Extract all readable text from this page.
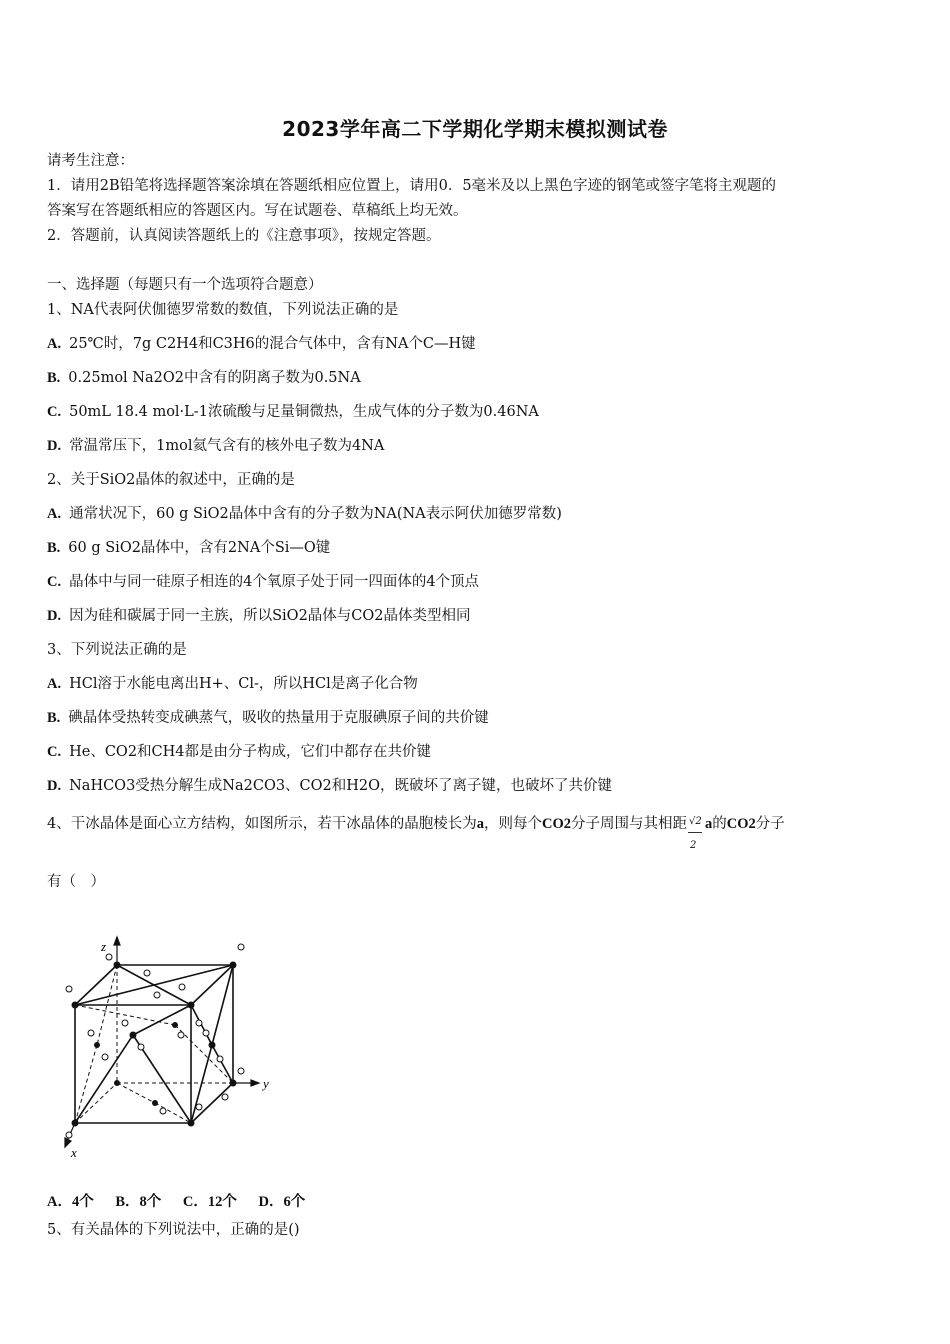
2023学年高二下学期化学期末模拟测试卷
请考生注意：
1．请用2B铅笔将选择题答案涂填在答题纸相应位置上，请用0．5毫米及以上黑色字迹的钢笔或签字笔将主观题的
答案写在答题纸相应的答题区内。写在试题卷、草稿纸上均无效。
2．答题前，认真阅读答题纸上的《注意事项》，按规定答题。
一、选择题（每题只有一个选项符合题意）
1、NA代表阿伏伽德罗常数的数值，下列说法正确的是
A. 25℃时，7g C2H4和C3H6的混合气体中，含有NA个C—H键
B. 0.25mol Na2O2中含有的阴离子数为0.5NA
C. 50mL 18.4 mol·L-1浓硫酸与足量铜微热，生成气体的分子数为0.46NA
D. 常温常压下，1mol氦气含有的核外电子数为4NA
2、关于SiO2晶体的叙述中，正确的是
A. 通常状况下，60 g SiO2晶体中含有的分子数为NA(NA表示阿伏加德罗常数)
B. 60 g SiO2晶体中，含有2NA个Si—O键
C. 晶体中与同一硅原子相连的4个氧原子处于同一四面体的4个顶点
D. 因为硅和碳属于同一主族，所以SiO2晶体与CO2晶体类型相同
3、下列说法正确的是
A. HCl溶于水能电离出H+、Cl-，所以HCl是离子化合物
B. 碘晶体受热转变成碘蒸气，吸收的热量用于克服碘原子间的共价键
C. He、CO2和CH4都是由分子构成，它们中都存在共价键
D. NaHCO3受热分解生成Na2CO3、CO2和H2O，既破坏了离子键，也破坏了共价键
4、干冰晶体是面心立方结构，如图所示，若干冰晶体的晶胞棱长为a，则每个CO2分子周围与其相距 $\frac{√2}{2}$ a的CO2分子
有（　）
z
y
x
A．4个 B．8个 C．12个 D．6个
5、有关晶体的下列说法中，正确的是()
